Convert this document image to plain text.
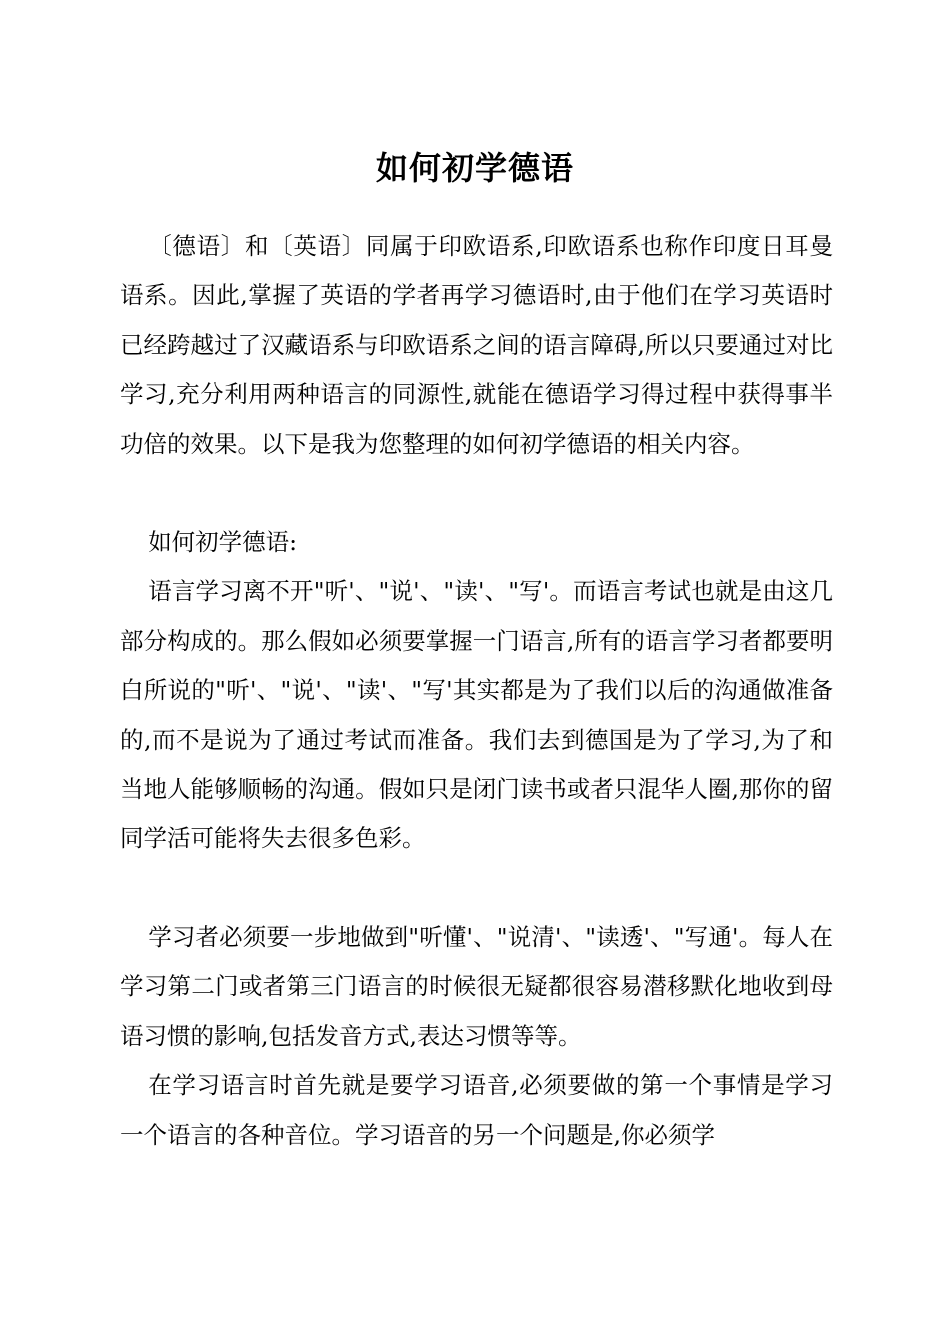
如何初学德语

〔德语〕和〔英语〕同属于印欧语系,印欧语系也称作印度日耳曼语系。因此,掌握了英语的学者再学习德语时,由于他们在学习英语时已经跨越过了汉藏语系与印欧语系之间的语言障碍,所以只要通过对比学习,充分利用两种语言的同源性,就能在德语学习得过程中获得事半功倍的效果。以下是我为您整理的如何初学德语的相关内容。

如何初学德语:

语言学习离不开"听'、"说'、"读'、"写'。而语言考试也就是由这几部分构成的。那么假如必须要掌握一门语言,所有的语言学习者都要明白所说的"听'、"说'、"读'、"写'其实都是为了我们以后的沟通做准备的,而不是说为了通过考试而准备。我们去到德国是为了学习,为了和当地人能够顺畅的沟通。假如只是闭门读书或者只混华人圈,那你的留同学活可能将失去很多色彩。

学习者必须要一步地做到"听懂'、"说清'、"读透'、"写通'。每人在学习第二门或者第三门语言的时候很无疑都很容易潜移默化地收到母语习惯的影响,包括发音方式,表达习惯等等。

在学习语言时首先就是要学习语音,必须要做的第一个事情是学习一个语言的各种音位。学习语音的另一个问题是,你必须学
